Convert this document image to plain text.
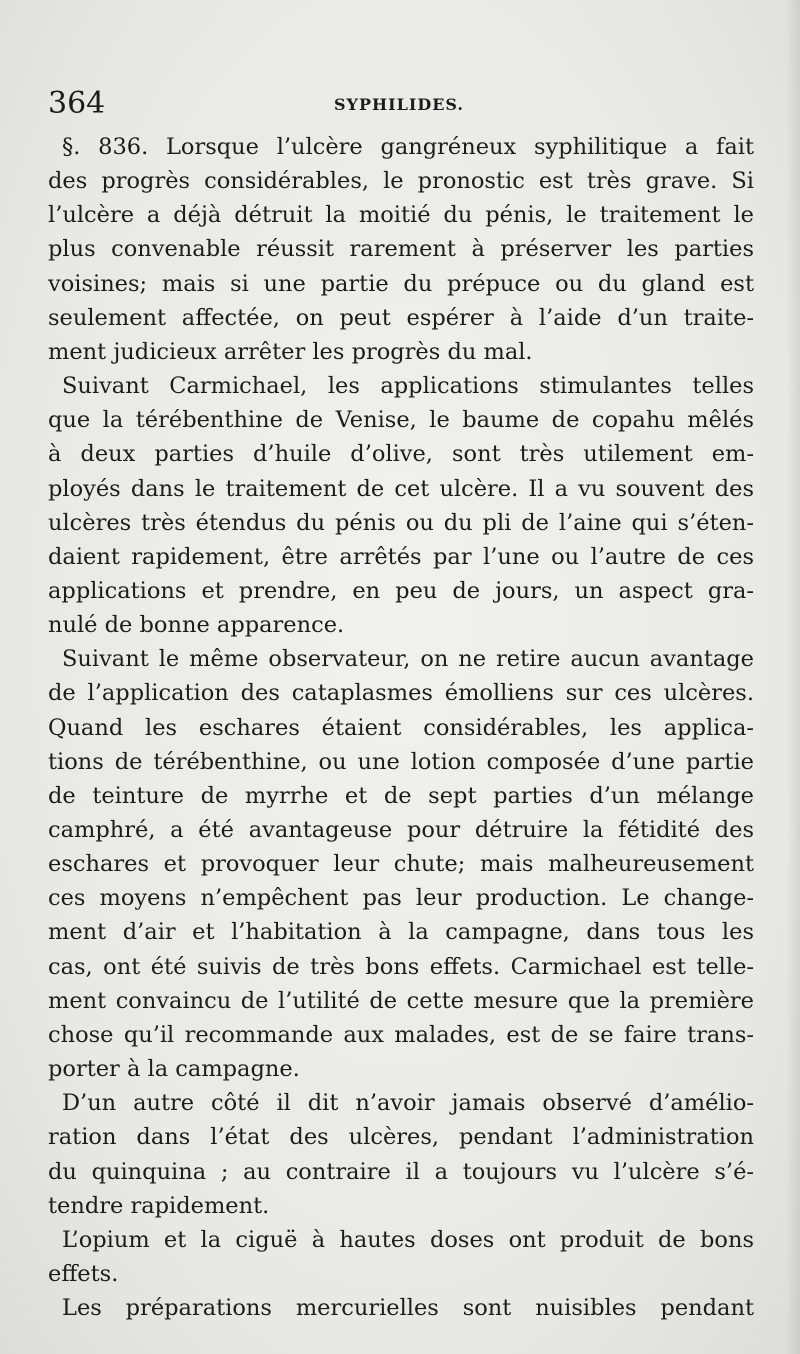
364	SYPHILIDES.
§. 836. Lorsque l’ulcère gangréneux syphilitique a fait
des progrès considérables, le pronostic est très grave. Si
l’ulcère a déjà détruit la moitié du pénis, le traitement le
plus convenable réussit rarement à préserver les parties
voisines; mais si une partie du prépuce ou du gland est
seulement affectée, on peut espérer à l’aide d’un traite-
ment judicieux arrêter les progrès du mal.
Suivant Carmichael, les applications stimulantes telles
que la térébenthine de Venise, le baume de copahu mêlés
à deux parties d’huile d’olive, sont très utilement em-
ployés dans le traitement de cet ulcère. Il a vu souvent des
ulcères très étendus du pénis ou du pli de l’aine qui s’éten-
daient rapidement, être arrêtés par l’une ou l’autre de ces
applications et prendre, en peu de jours, un aspect gra-
nulé de bonne apparence.
Suivant le même observateur, on ne retire aucun avantage
de l’application des cataplasmes émolliens sur ces ulcères.
Quand les eschares étaient considérables, les applica-
tions de térébenthine, ou une lotion composée d’une partie
de teinture de myrrhe et de sept parties d’un mélange
camphré, a été avantageuse pour détruire la fétidité des
eschares et provoquer leur chute; mais malheureusement
ces moyens n’empêchent pas leur production. Le change-
ment d’air et l’habitation à la campagne, dans tous les
cas, ont été suivis de très bons effets. Carmichael est telle-
ment convaincu de l’utilité de cette mesure que la première
chose qu’il recommande aux malades, est de se faire trans-
porter à la campagne.
D’un autre côté il dit n’avoir jamais observé d’amélio-
ration dans l’état des ulcères, pendant l’administration
du quinquina ; au contraire il a toujours vu l’ulcère s’é-
tendre rapidement.
L’opium et la ciguë à hautes doses ont produit de bons
effets.
Les préparations mercurielles sont nuisibles pendant
